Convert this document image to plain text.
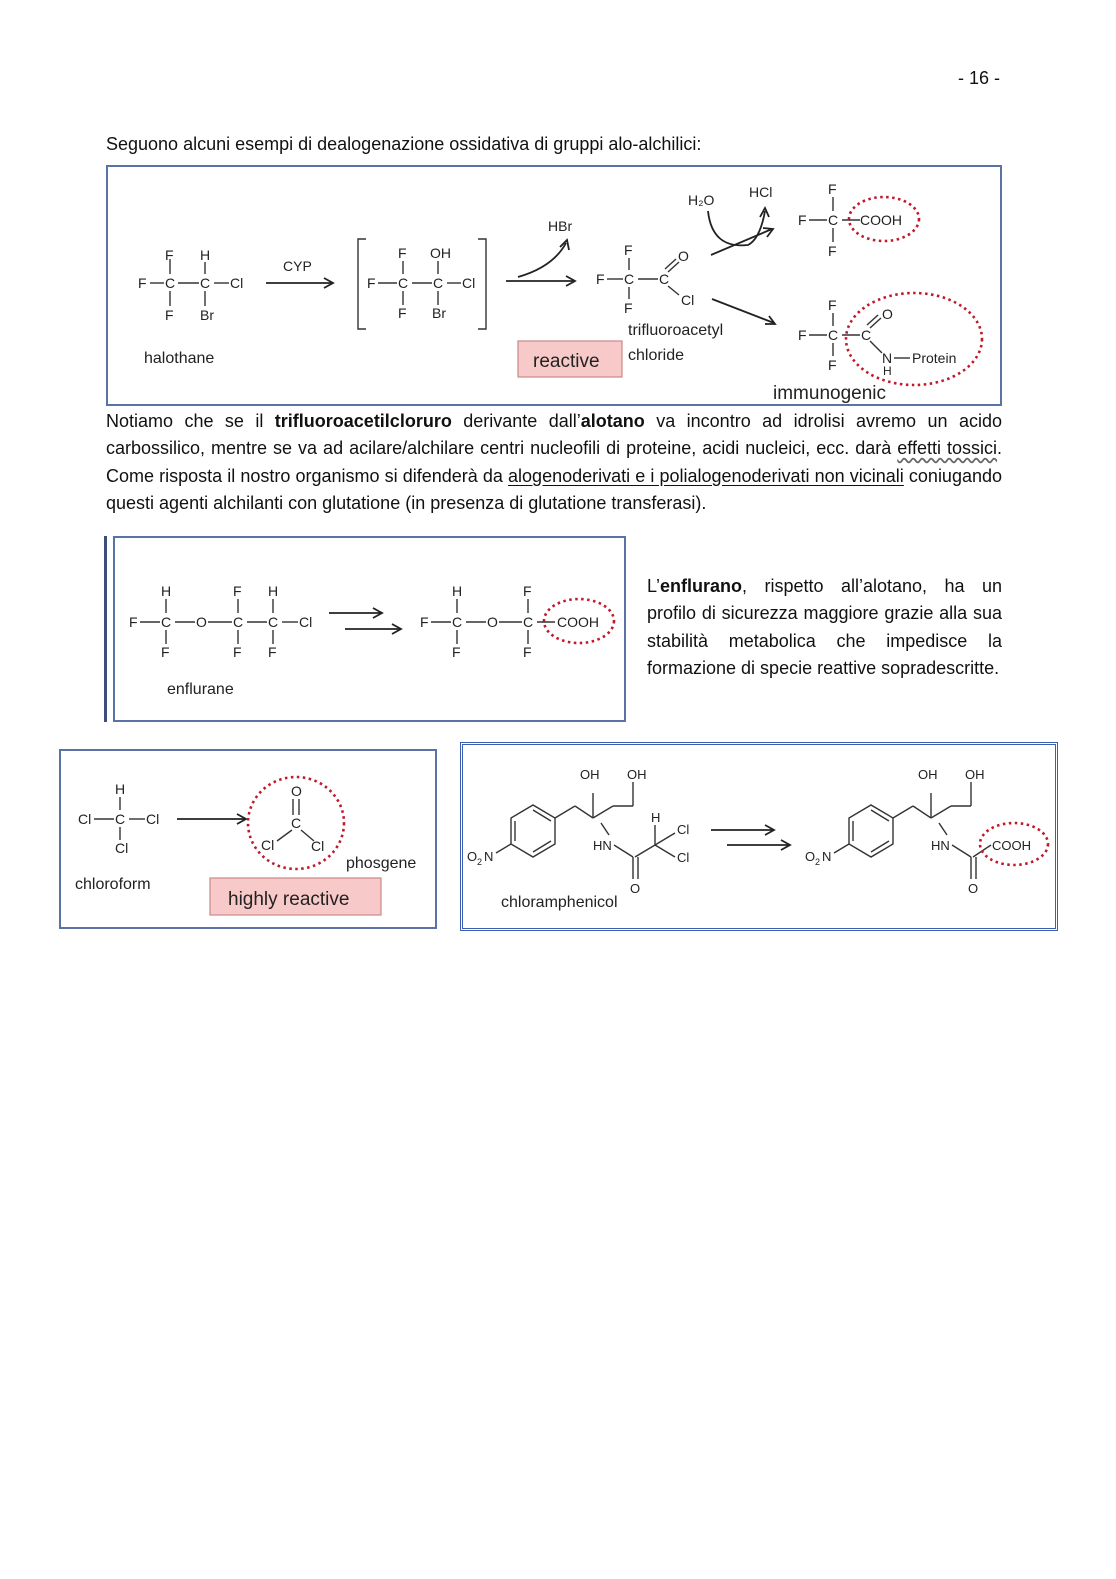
- 16 -
Seguono alcuni esempi di dealogenazione ossidativa di gruppi alo-alchilici:
F C
F
F
C
H
Br
Cl
halothane
CYP
F C
F
F
C
OH
Br
Cl
HBr
F C
F
F
C
O
Cl
trifluoroacetyl
chloride
reactive
H₂O HCl
F C
F
F
COOH
F C
F
F
C
O
N
H
Protein
immunogenic
Notiamo che se il trifluoroacetilcloruro derivante dall’alotano va incontro ad idrolisi avremo un acido carbossilico, mentre se va ad acilare/alchilare centri nucleofili di proteine, acidi nucleici, ecc. darà effetti tossici. Come risposta il nostro organismo si difenderà da alogenoderivati e i polialogenoderivati non vicinali coniugando questi agenti alchilanti con glutatione (in presenza di glutatione transferasi).
F C
H
F
O C
F
F
C
H
F
Cl
enflurane
F C
H
F
O C
F
F
COOH
L’enflurano, rispetto all’alotano, ha un profilo di sicurezza maggiore grazie alla sua stabilità metabolica che impedisce la formazione di specie reattive sopradescritte.
Cl C
H
Cl
Cl
chloroform
O
C
Cl	Cl
phosgene
highly reactive
O 2 N
OH OH
HN
O
H
Cl
Cl
chloramphenicol
O 2 N
OH OH
HN
O
COOH
